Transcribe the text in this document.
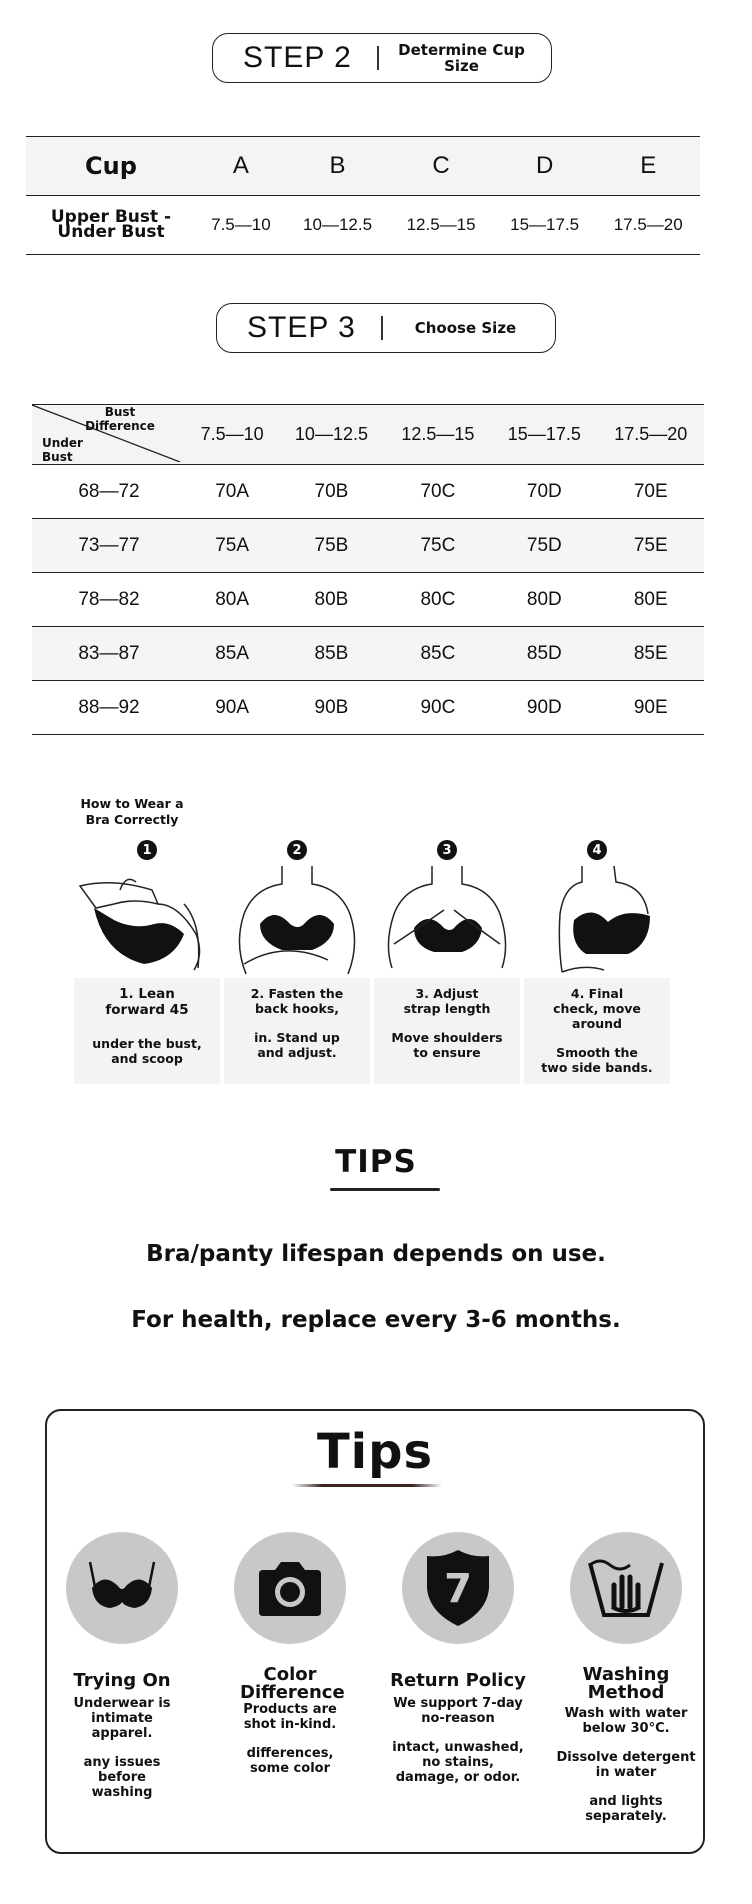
STEP 2	Determine Cup Size
Cup	A	B	C	D	E
Upper Bust - Under Bust	7.5—10	10—12.5	12.5—15	15—17.5	17.5—20
STEP 3	Choose Size
Bust Difference
Under Bust	7.5—10	10—12.5	12.5—15	15—17.5	17.5—20
68—72	70A	70B	70C	70D	70E
73—77	75A	75B	75C	75D	75E
78—82	80A	80B	80C	80D	80E
83—87	85A	85B	85C	85D	85E
88—92	90A	90B	90C	90D	90E
How to Wear a Bra Correctly
1	2	3	4
1. Lean forward 45
under the bust, and scoop
2. Fasten the back hooks,
in. Stand up and adjust.
3. Adjust strap length
Move shoulders to ensure
4. Final check, move around
Smooth the two side bands.
TIPS
Bra/panty lifespan depends on use.
For health, replace every 3-6 months.
Tips
Trying On
Underwear is intimate apparel.
any issues before washing
Color Difference
Products are shot in-kind.
differences, some color
7
Return Policy
We support 7-day no-reason
intact, unwashed, no stains, damage, or odor.
Washing Method
Wash with water below 30°C.
Dissolve detergent in water
and lights separately.
